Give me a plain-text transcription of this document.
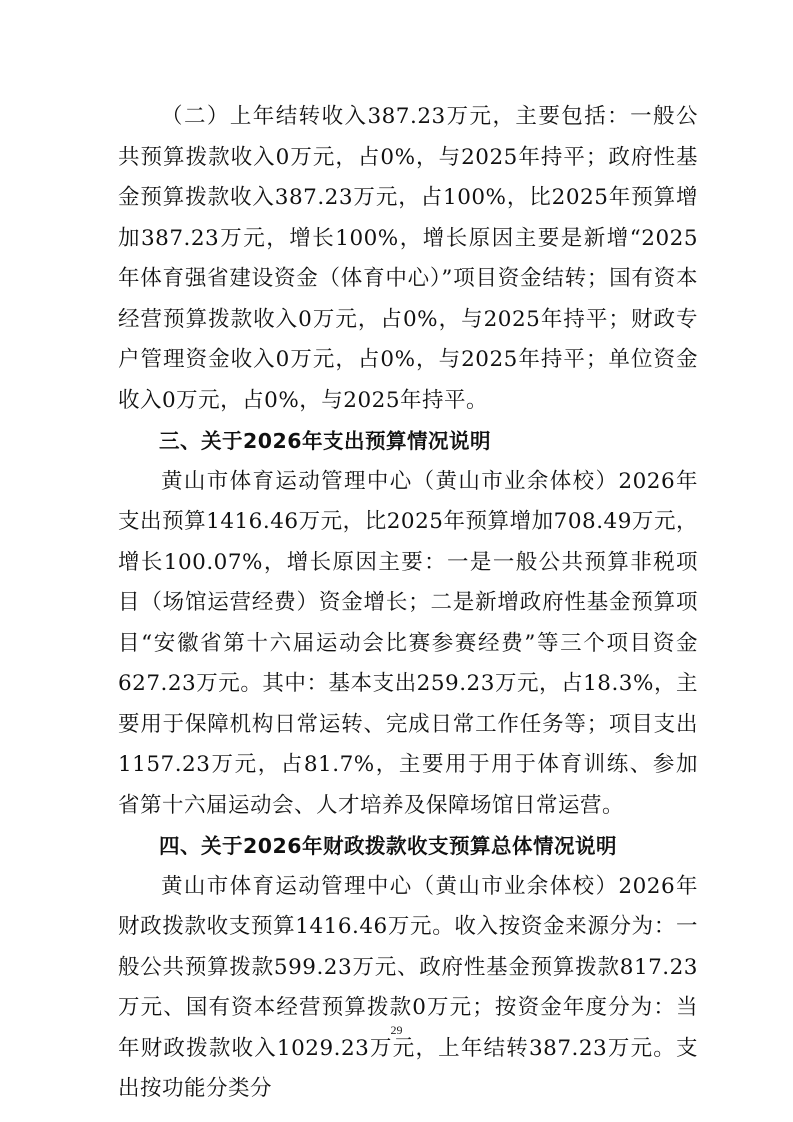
（二）上年结转收入387.23万元，主要包括：一般公共预算拨款收入0万元，占0%，与2025年持平；政府性基金预算拨款收入387.23万元，占100%，比2025年预算增加387.23万元，增长100%，增长原因主要是新增“2025年体育强省建设资金（体育中心）”项目资金结转；国有资本经营预算拨款收入0万元，占0%，与2025年持平；财政专户管理资金收入0万元，占0%，与2025年持平；单位资金收入0万元，占0%，与2025年持平。

三、关于2026年支出预算情况说明

黄山市体育运动管理中心（黄山市业余体校）2026年支出预算1416.46万元，比2025年预算增加708.49万元，增长100.07%，增长原因主要：一是一般公共预算非税项目（场馆运营经费）资金增长；二是新增政府性基金预算项目“安徽省第十六届运动会比赛参赛经费”等三个项目资金627.23万元。其中：基本支出259.23万元，占18.3%，主要用于保障机构日常运转、完成日常工作任务等；项目支出1157.23万元，占81.7%，主要用于用于体育训练、参加省第十六届运动会、人才培养及保障场馆日常运营。

四、关于2026年财政拨款收支预算总体情况说明

黄山市体育运动管理中心（黄山市业余体校）2026年财政拨款收支预算1416.46万元。收入按资金来源分为：一般公共预算拨款599.23万元、政府性基金预算拨款817.23万元、国有资本经营预算拨款0万元；按资金年度分为：当年财政拨款收入1029.23万元，上年结转387.23万元。支出按功能分类分

29
